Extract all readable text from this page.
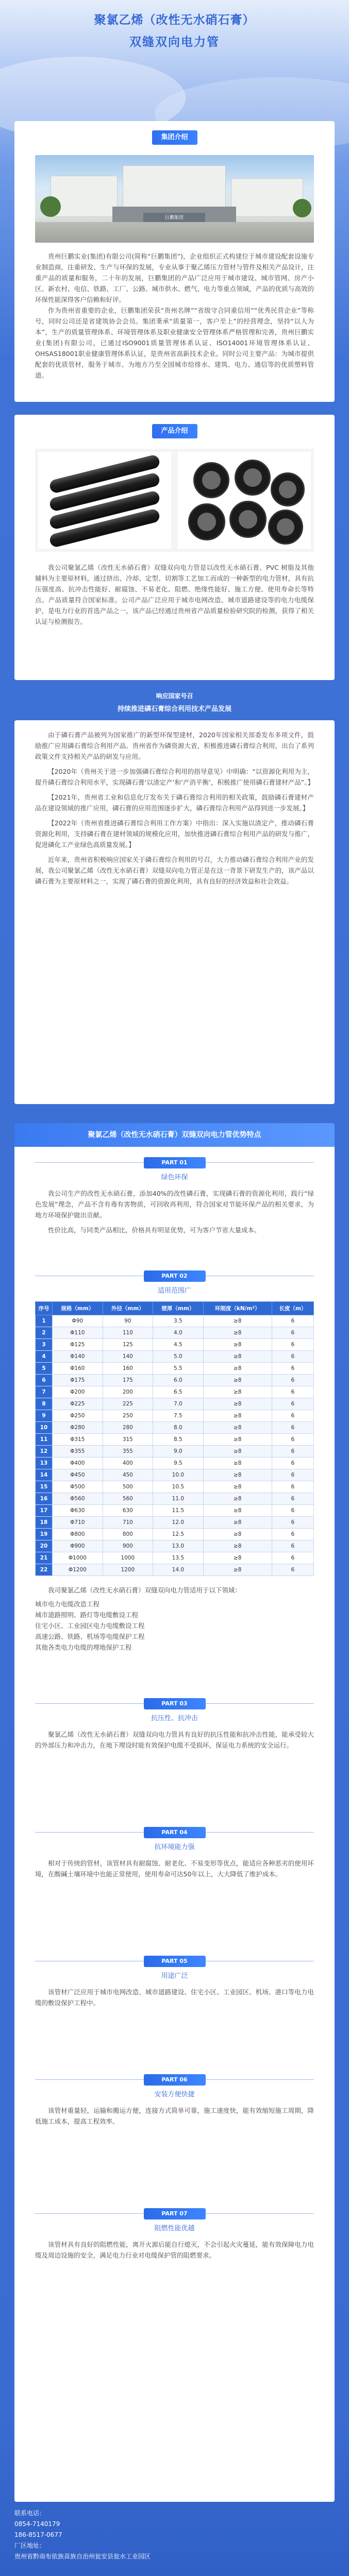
聚氯乙烯（改性无水硝石膏）
双缝双向电力管
集团介绍
巨鹏集团

贵州巨鹏实业(集团)有限公司(简称“巨鹏集团”)，企业组织正式构建位于城市建设配套设施专业制造商，注重研发、生产与环保的发展，专业从事于聚乙烯压力管材与管件及相关产品设计，注重产品的质量和服务，二十年的发展，巨鹏集团的产品广泛应用于城市建设、城市管网、房产小区、新农村、电信、铁路、工厂、公路、城市供水、燃气、电力等重点领域，产品的优质与高效的环保性能深得客户信赖和好评。

作为贵州省重要的企业，巨鹏集团荣获“贵州名牌”“省级守合同重信用”“优秀民营企业”等称号，同时公司还是省建筑协会会员。集团秉承“质量第一，客户至上”的经营理念，坚持“以人为本”，生产的质量管理体系、环境管理体系及职业健康安全管理体系严格管理和完善，贵州巨鹏实业(集团)有限公司，已通过ISO9001质量管理体系认证、ISO14001环境管理体系认证、OHSAS18001职业健康管理体系认证，是贵州省高新技术企业。同时公司主要产品：为城市提供配套的优质管材，服务于城市、为地方乃至全国城市给排水、建筑、电力、通信等的优质塑料管道。

产品介绍

我公司聚氯乙烯（改性无水硝石膏）双缝双向电力管是以改性无水硝石膏、PVC 树脂及其他辅料为主要原材料，通过挤出、冷却、定型、切割等工艺加工而成的一种新型的电力管材，具有抗压强度高、抗冲击性能好、耐腐蚀、不易老化、阻燃、绝缘性能好、施工方便、使用寿命长等特点。产品质量符合国家标准。公司产品广泛应用于城市电网改造、城市道路建设等的电力电缆保护，是电力行业的首选产品之一，该产品已经通过贵州省产品质量检验研究院的检测，获得了相关认证与检测报告。

响应国家号召
持续推进磷石膏综合利用技术产品发展

由于磷石膏产品被列为国家推广的新型环保型建材，2020年国家相关部委发布多项文件，鼓励推广应用磷石膏综合利用产品。贵州省作为磷资源大省，积极推进磷石膏综合利用，出台了系列政策文件支持相关产品的研发与应用。

【2020年（贵州关于进一步加强磷石膏综合利用的指导意见）中明确：“以资源化利用为主，提升磷石膏综合利用水平，实现磷石膏‘以渣定产’和‘产消平衡’，积极推广使用磷石膏建材产品”。】

【2021年，贵州省工业和信息化厅发布关于磷石膏综合利用的相关政策，鼓励磷石膏建材产品在建设领域的推广应用，磷石膏的应用范围逐步扩大，磷石膏综合利用产品得到进一步发展。】

【2022年（贵州省推进磷石膏综合利用工作方案）中指出：深入实施以渣定产，推动磷石膏资源化利用，支持磷石膏在建材领域的规模化应用，加快推进磷石膏综合利用产品的研发与推广，促进磷化工产业绿色高质量发展。】

近年来，贵州省积极响应国家关于磷石膏综合利用的号召，大力推动磷石膏综合利用产业的发展，我公司聚氯乙烯（改性无水硝石膏）双缝双向电力管正是在这一背景下研发生产的，该产品以磷石膏为主要原材料之一，实现了磷石膏的资源化利用，具有良好的经济效益和社会效益。

聚氯乙烯（改性无水硝石膏）双缝双向电力管优势特点
PART 01
绿色环保

我公司生产的改性无水硝石膏，添加40%的改性磷石膏，实现磷石膏的资源化利用，践行“绿色发展”理念，产品不含有毒有害物质，可回收再利用，符合国家对节能环保产品的相关要求，为地方环境保护做出贡献。

性价比高，与同类产品相比，价格具有明显优势，可为客户节省大量成本。

PART 02
适用范围广
序号	规格（mm）	外径（mm）	壁厚（mm）	环刚度（kN/m²）	长度（m）
1	Φ90	90	3.5	≥8	6
2	Φ110	110	4.0	≥8	6
3	Φ125	125	4.5	≥8	6
4	Φ140	140	5.0	≥8	6
5	Φ160	160	5.5	≥8	6
6	Φ175	175	6.0	≥8	6
7	Φ200	200	6.5	≥8	6
8	Φ225	225	7.0	≥8	6
9	Φ250	250	7.5	≥8	6
10	Φ280	280	8.0	≥8	6
11	Φ315	315	8.5	≥8	6
12	Φ355	355	9.0	≥8	6
13	Φ400	400	9.5	≥8	6
14	Φ450	450	10.0	≥8	6
15	Φ500	500	10.5	≥8	6
16	Φ560	560	11.0	≥8	6
17	Φ630	630	11.5	≥8	6
18	Φ710	710	12.0	≥8	6
19	Φ800	800	12.5	≥8	6
20	Φ900	900	13.0	≥8	6
21	Φ1000	1000	13.5	≥8	6
22	Φ1200	1200	14.0	≥8	6

我司聚氯乙烯（改性无水硝石膏）双缝双向电力管适用于以下领域：

城市电力电缆改造工程
城市道路照明、路灯等电缆敷设工程
住宅小区、工业园区电力电缆敷设工程
高速公路、铁路、机场等电缆保护工程
其他各类电力电缆的埋地保护工程
PART 03
抗压性、抗冲击

聚氯乙烯（改性无水硝石膏）双缝双向电力管具有良好的抗压性能和抗冲击性能，能承受较大的外部压力和冲击力，在地下埋设时能有效保护电缆不受损坏，保证电力系统的安全运行。

PART 04
抗环境能力强

相对于传统的管材，该管材具有耐腐蚀、耐老化、不易变形等优点，能适应各种恶劣的使用环境，在酸碱土壤环境中也能正常使用，使用寿命可达50年以上，大大降低了维护成本。

PART 05
用途广泛

该管材广泛应用于城市电网改造、城市道路建设、住宅小区、工业园区、机场、港口等电力电缆的敷设保护工程中。

PART 06
安装方便快捷

该管材重量轻，运输和搬运方便，连接方式简单可靠，施工速度快，能有效缩短施工周期，降低施工成本，提高工程效率。

PART 07
阻燃性能优越

该管材具有良好的阻燃性能，离开火源后能自行熄灭，不会引起火灾蔓延，能有效保障电力电缆及周边设施的安全，满足电力行业对电缆保护管的阻燃要求。

联系电话：
0854-7140179
186-8517-0677
厂区地址：
贵州省黔南布依族苗族自治州瓮安县瓮水工业园区
